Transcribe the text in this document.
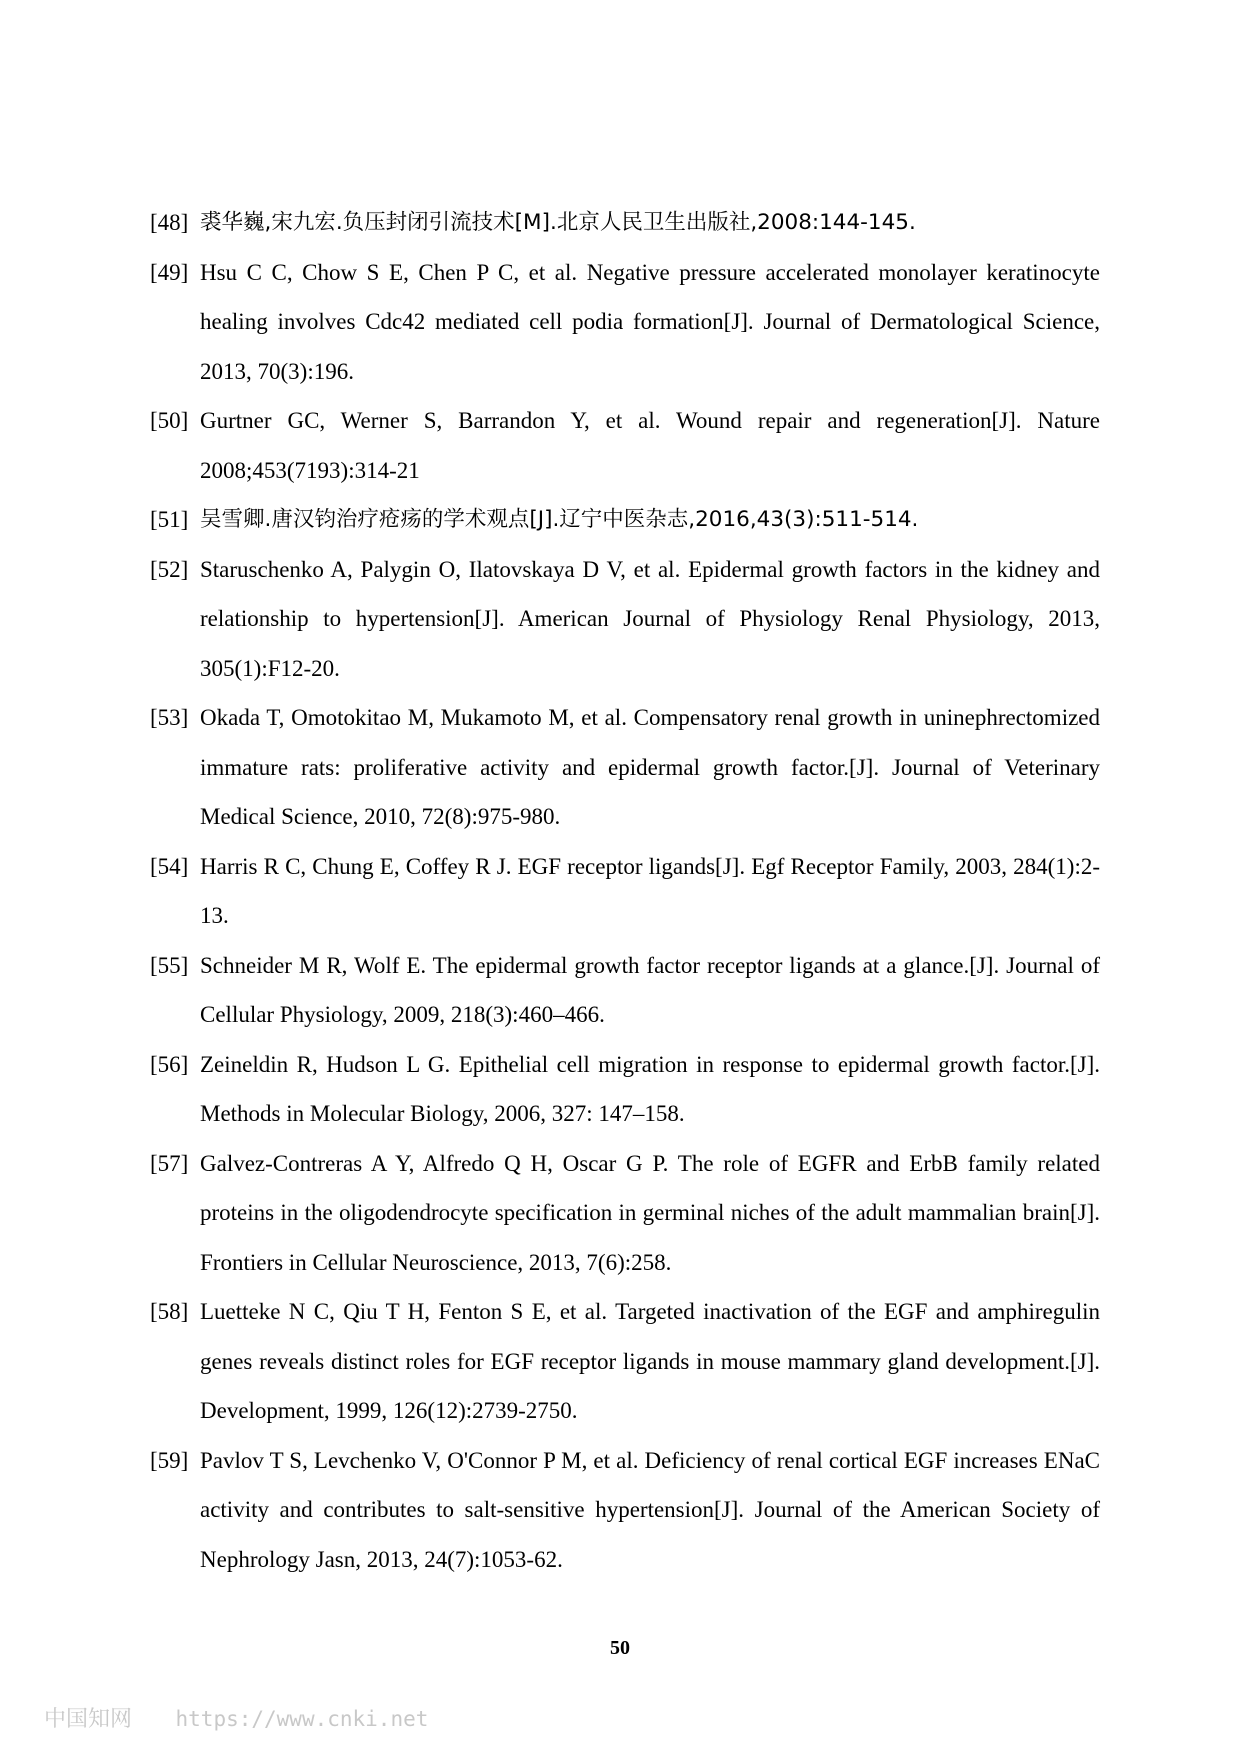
[48] 裘华巍,宋九宏.负压封闭引流技术[M].北京人民卫生出版社,2008:144-145.
[49] Hsu C C, Chow S E, Chen P C, et al. Negative pressure accelerated monolayer keratinocyte healing involves Cdc42 mediated cell podia formation[J]. Journal of Dermatological Science, 2013, 70(3):196.
[50] Gurtner GC, Werner S, Barrandon Y, et al. Wound repair and regeneration[J]. Nature 2008;453(7193):314-21
[51] 吴雪卿.唐汉钧治疗疮疡的学术观点[J].辽宁中医杂志,2016,43(3):511-514.
[52] Staruschenko A, Palygin O, Ilatovskaya D V, et al. Epidermal growth factors in the kidney and relationship to hypertension[J]. American Journal of Physiology Renal Physiology, 2013, 305(1):F12-20.
[53] Okada T, Omotokitao M, Mukamoto M, et al. Compensatory renal growth in uninephrectomized immature rats: proliferative activity and epidermal growth factor.[J]. Journal of Veterinary Medical Science, 2010, 72(8):975-980.
[54] Harris R C, Chung E, Coffey R J. EGF receptor ligands[J]. Egf Receptor Family, 2003, 284(1):2-13.
[55] Schneider M R, Wolf E. The epidermal growth factor receptor ligands at a glance.[J]. Journal of Cellular Physiology, 2009, 218(3):460–466.
[56] Zeineldin R, Hudson L G. Epithelial cell migration in response to epidermal growth factor.[J]. Methods in Molecular Biology, 2006, 327: 147–158.
[57] Galvez-Contreras A Y, Alfredo Q H, Oscar G P. The role of EGFR and ErbB family related proteins in the oligodendrocyte specification in germinal niches of the adult mammalian brain[J]. Frontiers in Cellular Neuroscience, 2013, 7(6):258.
[58] Luetteke N C, Qiu T H, Fenton S E, et al. Targeted inactivation of the EGF and amphiregulin genes reveals distinct roles for EGF receptor ligands in mouse mammary gland development.[J]. Development, 1999, 126(12):2739-2750.
[59] Pavlov T S, Levchenko V, O'Connor P M, et al. Deficiency of renal cortical EGF increases ENaC activity and contributes to salt-sensitive hypertension[J]. Journal of the American Society of Nephrology Jasn, 2013, 24(7):1053-62.
50
中国知网 https://www.cnki.net
